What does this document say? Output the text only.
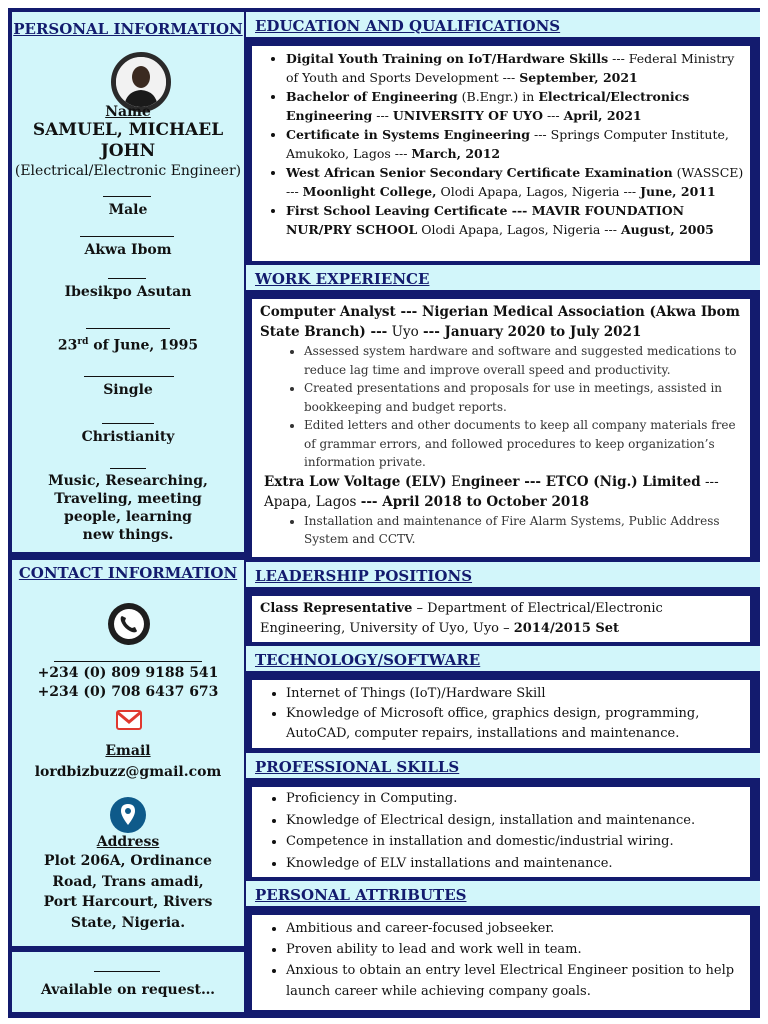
PERSONAL INFORMATION
Name
SAMUEL, MICHAEL
JOHN
(Electrical/Electronic Engineer)
Male
Akwa Ibom
Ibesikpo Asutan
23rd of June, 1995
Single
Christianity
Music, Researching,
Traveling, meeting
people, learning
new things.
CONTACT INFORMATION
+234 (0) 809 9188 541
+234 (0) 708 6437 673
Email
lordbizbuzz@gmail.com
Address
Plot 206A, Ordinance
Road, Trans amadi,
Port Harcourt, Rivers
State, Nigeria.
Available on request…
EDUCATION AND QUALIFICATIONS
• Digital Youth Training on IoT/Hardware Skills --- Federal Ministry of Youth and Sports Development --- September, 2021
• Bachelor of Engineering (B.Engr.) in Electrical/Electronics Engineering --- UNIVERSITY OF UYO --- April, 2021
• Certificate in Systems Engineering --- Springs Computer Institute, Amukoko, Lagos --- March, 2012
• West African Senior Secondary Certificate Examination (WASSCE) --- Moonlight College, Olodi Apapa, Lagos, Nigeria --- June, 2011
• First School Leaving Certificate --- MAVIR FOUNDATION NUR/PRY SCHOOL Olodi Apapa, Lagos, Nigeria --- August, 2005
WORK EXPERIENCE
Computer Analyst --- Nigerian Medical Association (Akwa Ibom State Branch) --- Uyo --- January 2020 to July 2021
• Assessed system hardware and software and suggested medications to reduce lag time and improve overall speed and productivity.
• Created presentations and proposals for use in meetings, assisted in bookkeeping and budget reports.
• Edited letters and other documents to keep all company materials free of grammar errors, and followed procedures to keep organization’s information private.
Extra Low Voltage (ELV) Engineer --- ETCO (Nig.) Limited --- Apapa, Lagos --- April 2018 to October 2018
• Installation and maintenance of Fire Alarm Systems, Public Address System and CCTV.
LEADERSHIP POSITIONS
Class Representative – Department of Electrical/Electronic Engineering, University of Uyo, Uyo – 2014/2015 Set
TECHNOLOGY/SOFTWARE
• Internet of Things (IoT)/Hardware Skill
• Knowledge of Microsoft office, graphics design, programming, AutoCAD, computer repairs, installations and maintenance.
PROFESSIONAL SKILLS
• Proficiency in Computing.
• Knowledge of Electrical design, installation and maintenance.
• Competence in installation and domestic/industrial wiring.
• Knowledge of ELV installations and maintenance.
PERSONAL ATTRIBUTES
• Ambitious and career-focused jobseeker.
• Proven ability to lead and work well in team.
• Anxious to obtain an entry level Electrical Engineer position to help launch career while achieving company goals.
